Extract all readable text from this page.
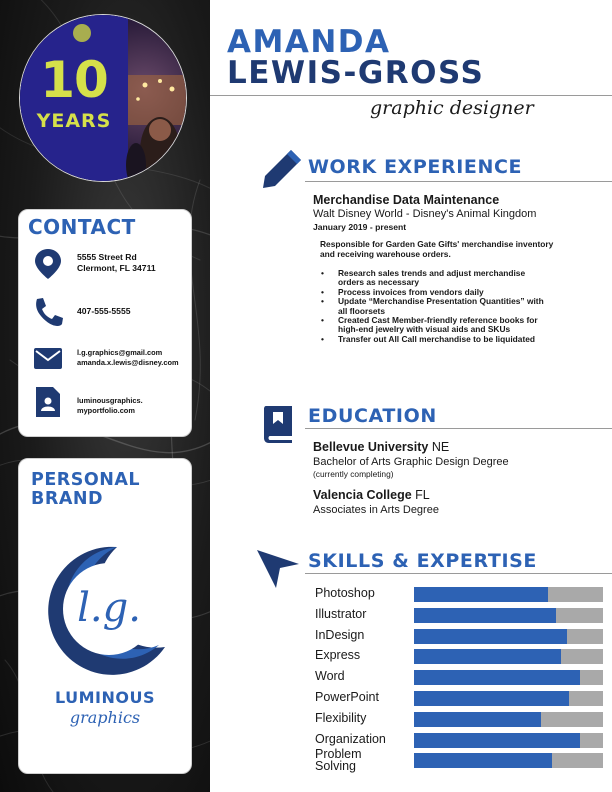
10
YEARS
CONTACT
5555 Street Rd
Clermont, FL 34711
407-555-5555
l.g.graphics@gmail.com
amanda.x.lewis@disney.com
luminousgraphics.
myportfolio.com
PERSONAL BRAND
l.g.
LUMINOUS
graphics
AMANDA
LEWIS-GROSS
graphic designer
WORK EXPERIENCE
Merchandise Data Maintenance
Walt Disney World - Disney's Animal Kingdom
January 2019 - present
Responsible for Garden Gate Gifts' merchandise inventory and receiving warehouse orders.
• Research sales trends and adjust merchandise orders as necessary
• Process invoices from vendors daily
• Update “Merchandise Presentation Quantities” with all floorsets
• Created Cast Member-friendly reference books for high-end jewelry with visual aids and SKUs
• Transfer out All Call merchandise to be liquidated
EDUCATION
Bellevue University NE
Bachelor of Arts Graphic Design Degree
(currently completing)
Valencia College FL
Associates in Arts Degree
SKILLS & EXPERTISE
Photoshop
Illustrator
InDesign
Express
Word
PowerPoint
Flexibility
Organization
Problem Solving
